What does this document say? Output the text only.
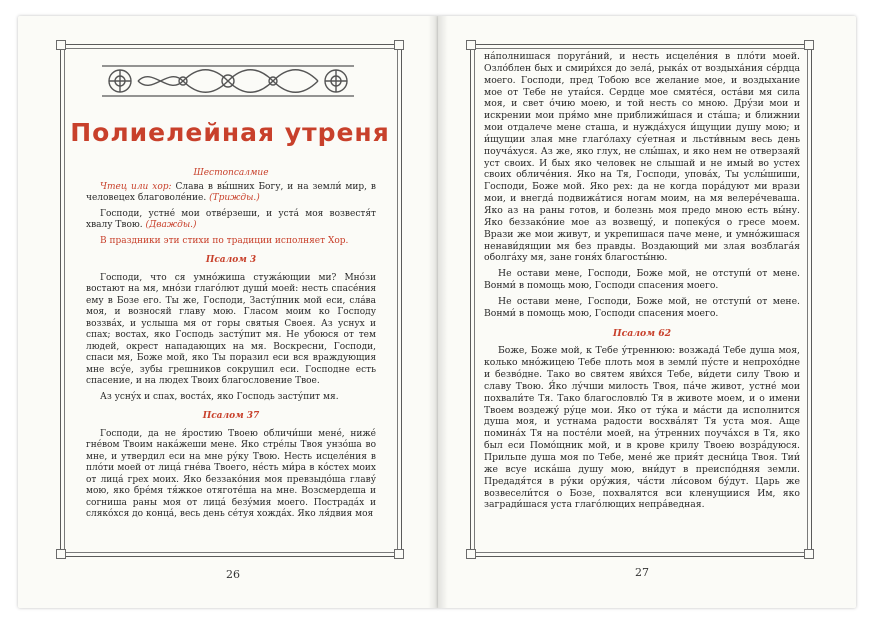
Полиелейная утреня

Шестопсалмие

Чтец или хор: Слава в вы́шних Богу, и на земли́ мир, в человецех благоволе́ние. (Трижды.)

Господи, устне́ мои отве́рзеши, и уста́ моя возвестя́т хвалу Твою. (Дважды.)

В праздники эти стихи по традиции исполняет Хор.

Псалом 3

Господи, что ся умно́жиша стужа́ющии ми? Мно́зи востают на мя, мно́зи глаго́лют души́ моей: несть спасе́ния ему в Бозе его. Ты же, Господи, Засту́пник мой еси, сла́ва моя, и возносяй главу мою. Гласом моим ко Господу воззва́х, и услыша мя от горы святыя Своея. Аз уснух и спах; востах, яко Господь засту́пит мя. Не убоюся от тем людей, окрест нападающих на мя. Воскресни, Господи, спаси мя, Боже мой, яко Ты поразил еси вся враждующия мне всу́е, зубы грешников сокрушил еси. Господне есть спасение, и на людех Твоих благословение Твое.

Аз усну́х и спах, воста́х, яко Господь засту́пит мя.

Псалом 37

Господи, да не я́ростию Твоею обличи́ши мене́, ниже́ гне́вом Твоим нака́жеши мене. Яко стре́лы Твоя унзо́ша во мне, и утвердил еси на мне ру́ку Твою. Несть исцеле́ния в пло́ти моей от лица́ гне́ва Твоего, не́сть ми́ра в ко́стех моих от лица́ грех моих. Яко беззако́ния моя превзыдо́ша главу́ мою, яко бре́мя тя́жкое отяготе́ша на мне. Возсмердеша и согниша раны моя от лица́ безу́мия моего. Пострада́х и сляко́хся до конца́, весь день се́туя хожда́х. Яко ля́двия моя

на́полнишася поруга́ний, и несть исцеле́ния в пло́ти моей. Озло́блен бых и смири́хся до зела́, рыка́х от воздыха́ния се́рдца моего. Господи, пред Тобою все желание мое, и воздыхание мое от Тебе не утаи́ся. Сердце мое смяте́ся, оста́ви мя сила моя, и свет о́чию моею, и той несть со мною. Дру́зи мои и искрении мои пря́мо мне приближи́шася и ста́ша; и ближнии мои отдалече мене сташа, и нужда́хуся и́щущии душу мою; и и́щущии злая мне глаго́лаху су́етная и льсти́вным весь день поуча́хуся. Аз же, яко глух, не слы́шах, и яко нем не отверзаяй уст своих. И бых яко человек не слышай и не имый во устех своих обличе́ния. Яко на Тя, Господи, упова́х, Ты услы́шиши, Господи, Боже мой. Яко рех: да не когда пора́дуют ми врази мои, и внегда́ подвижа́тися ногам моим, на мя велере́чеваша. Яко аз на раны готов, и болезнь моя предо мною есть вы́ну. Яко беззако́ние мое аз возвещу́, и попеку́ся о гресе моем. Врази же мои живут, и укрепишася паче мене, и умно́жишася ненави́дящии мя без правды. Воздающий ми злая возблага́я оболга́ху мя, зане гоня́х благосты́ню.

Не остави мене, Господи, Боже мой, не отступи́ от мене. Вонми́ в помощь мою, Господи спасения моего.

Не остави мене, Господи, Боже мой, не отступи́ от мене. Вонми́ в помощь мою, Господи спасения моего.

Псалом 62

Боже, Боже мой, к Тебе у́треннюю: возжада́ Тебе душа моя, колько мно́жицею Тебе плоть моя в земли́ пу́сте и непрохо́дне и безво́дне. Тако во святем яви́хся Тебе, ви́дети силу Твою и славу Твою. Я́ко лу́чши милость Твоя, па́че живот, устне́ мои похвали́те Тя. Тако благословлю́ Тя в животе моем, и о имени Твоем воздежу́ ру́це мои. Яко от ту́ка и ма́сти да исполнится душа моя, и устнама радости восхва́лят Тя уста моя. Аще помина́х Тя на посте́ли моей, на у́тренних поуча́хся в Тя, яко был еси Помо́щник мой, и в крове крилу Твоею возра́дуюся. Прильпе душа моя по Тебе, мене́ же прия́т десни́ца Твоя. Тии́ же всуе иска́ша душу мою, вни́дут в преиспо́дняя земли. Предадя́тся в ру́ки ору́жия, ча́сти ли́совом бу́дут. Царь же возвесели́тся о Бозе, похвалятся вси кленущиися Им, яко загради́шася уста глаго́лющих непра́ведная.

26	27
